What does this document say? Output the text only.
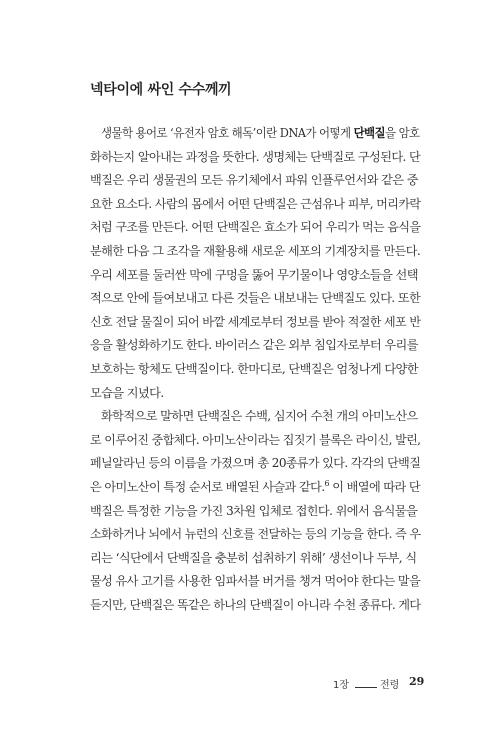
넥타이에 싸인 수수께끼
생물학 용어로 ‘유전자 암호 해독’이란 DNA가 어떻게 단백질을 암호
화하는지 알아내는 과정을 뜻한다. 생명체는 단백질로 구성된다. 단
백질은 우리 생물권의 모든 유기체에서 파워 인플루언서와 같은 중
요한 요소다. 사람의 몸에서 어떤 단백질은 근섬유나 피부, 머리카락
처럼 구조를 만든다. 어떤 단백질은 효소가 되어 우리가 먹는 음식을
분해한 다음 그 조각을 재활용해 새로운 세포의 기계장치를 만든다.
우리 세포를 둘러싼 막에 구멍을 뚫어 무기물이나 영양소들을 선택
적으로 안에 들여보내고 다른 것들은 내보내는 단백질도 있다. 또한
신호 전달 물질이 되어 바깥 세계로부터 정보를 받아 적절한 세포 반
응을 활성화하기도 한다. 바이러스 같은 외부 침입자로부터 우리를
보호하는 항체도 단백질이다. 한마디로, 단백질은 엄청나게 다양한
모습을 지녔다.
화학적으로 말하면 단백질은 수백, 심지어 수천 개의 아미노산으
로 이루어진 중합체다. 아미노산이라는 집짓기 블록은 라이신, 발린,
페닐알라닌 등의 이름을 가졌으며 총 20종류가 있다. 각각의 단백질
은 아미노산이 특정 순서로 배열된 사슬과 같다.$^6$ 이 배열에 따라 단
백질은 특정한 기능을 가진 3차원 입체로 접힌다. 위에서 음식물을
소화하거나 뇌에서 뉴런의 신호를 전달하는 등의 기능을 한다. 즉 우
리는 ‘식단에서 단백질을 충분히 섭취하기 위해’ 생선이나 두부, 식
물성 유사 고기를 사용한 임파서블 버거를 챙겨 먹어야 한다는 말을
듣지만, 단백질은 똑같은 하나의 단백질이 아니라 수천 종류다. 게다
1장	전령 29
